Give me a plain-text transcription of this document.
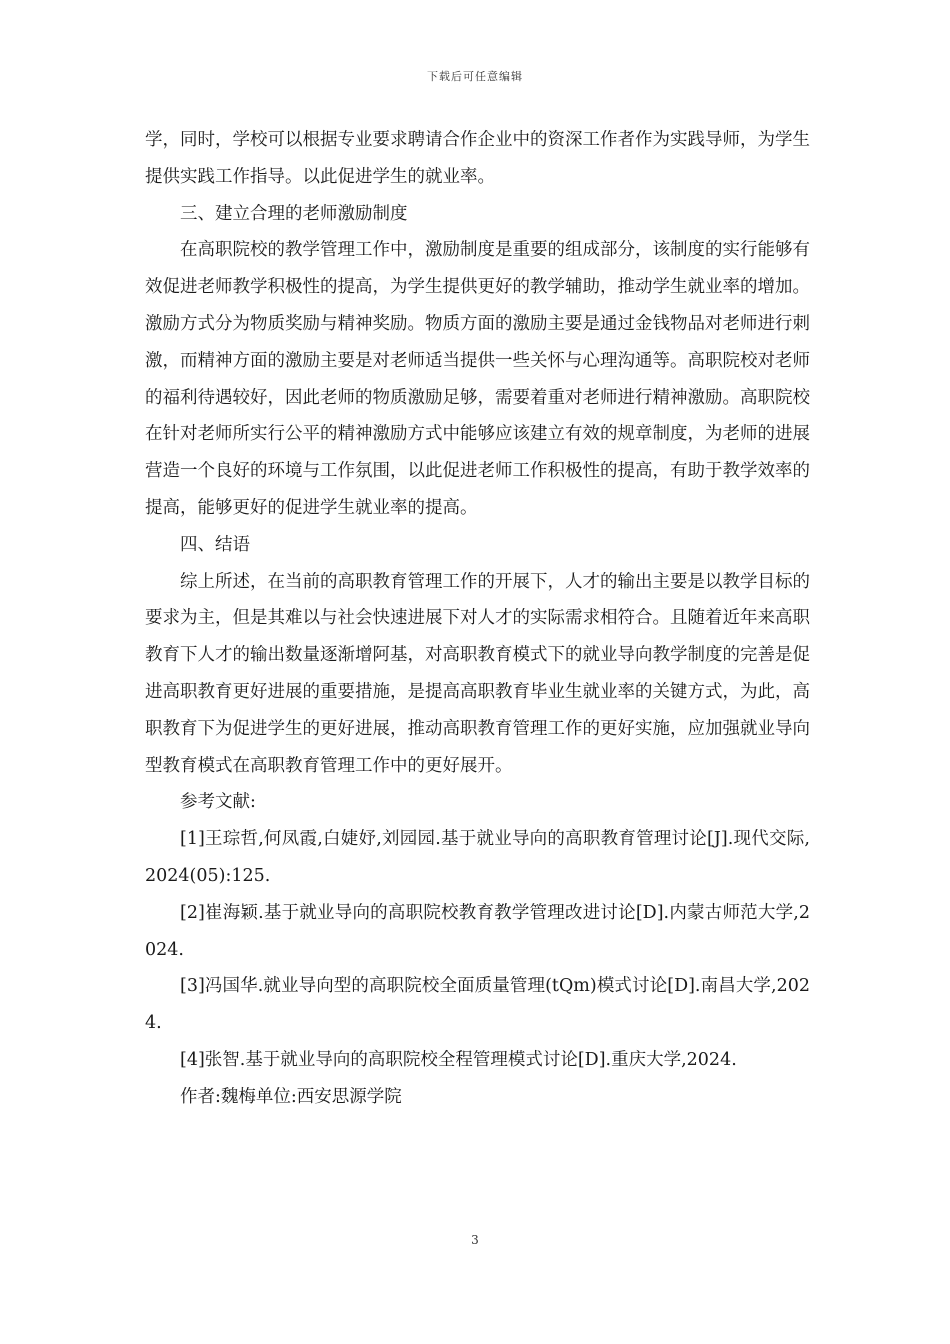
下载后可任意编辑

学，同时，学校可以根据专业要求聘请合作企业中的资深工作者作为实践导师，为学生提供实践工作指导。以此促进学生的就业率。

三、建立合理的老师激励制度

在高职院校的教学管理工作中，激励制度是重要的组成部分，该制度的实行能够有效促进老师教学积极性的提高，为学生提供更好的教学辅助，推动学生就业率的增加。激励方式分为物质奖励与精神奖励。物质方面的激励主要是通过金钱物品对老师进行刺激，而精神方面的激励主要是对老师适当提供一些关怀与心理沟通等。高职院校对老师的福利待遇较好，因此老师的物质激励足够，需要着重对老师进行精神激励。高职院校在针对老师所实行公平的精神激励方式中能够应该建立有效的规章制度，为老师的进展营造一个良好的环境与工作氛围，以此促进老师工作积极性的提高，有助于教学效率的提高，能够更好的促进学生就业率的提高。

四、结语

综上所述，在当前的高职教育管理工作的开展下，人才的输出主要是以教学目标的要求为主，但是其难以与社会快速进展下对人才的实际需求相符合。且随着近年来高职教育下人才的输出数量逐渐增阿基，对高职教育模式下的就业导向教学制度的完善是促进高职教育更好进展的重要措施，是提高高职教育毕业生就业率的关键方式，为此，高职教育下为促进学生的更好进展，推动高职教育管理工作的更好实施，应加强就业导向型教育模式在高职教育管理工作中的更好展开。

参考文献:

[1]王琮哲,何凤霞,白婕妤,刘园园.基于就业导向的高职教育管理讨论[J].现代交际,2024(05):125.

[2]崔海颖.基于就业导向的高职院校教育教学管理改进讨论[D].内蒙古师范大学,2024.

[3]冯国华.就业导向型的高职院校全面质量管理(tQm)模式讨论[D].南昌大学,2024.

[4]张智.基于就业导向的高职院校全程管理模式讨论[D].重庆大学,2024.

作者:魏梅单位:西安思源学院

3
